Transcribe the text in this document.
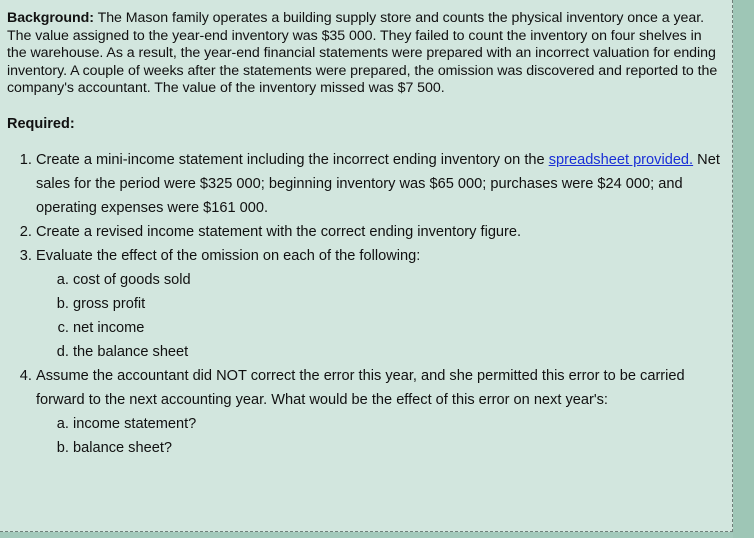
Background: The Mason family operates a building supply store and counts the physical inventory once a year. The value assigned to the year-end inventory was $35 000. They failed to count the inventory on four shelves in the warehouse. As a result, the year-end financial statements were prepared with an incorrect valuation for ending inventory. A couple of weeks after the statements were prepared, the omission was discovered and reported to the company's accountant. The value of the inventory missed was $7 500.

Required:

1. Create a mini-income statement including the incorrect ending inventory on the spreadsheet provided. Net sales for the period were $325 000; beginning inventory was $65 000; purchases were $24 000; and operating expenses were $161 000.
2. Create a revised income statement with the correct ending inventory figure.
3. Evaluate the effect of the omission on each of the following:
a. cost of goods sold
b. gross profit
c. net income
d. the balance sheet
4. Assume the accountant did NOT correct the error this year, and she permitted this error to be carried forward to the next accounting year. What would be the effect of this error on next year's:
a. income statement?
b. balance sheet?
